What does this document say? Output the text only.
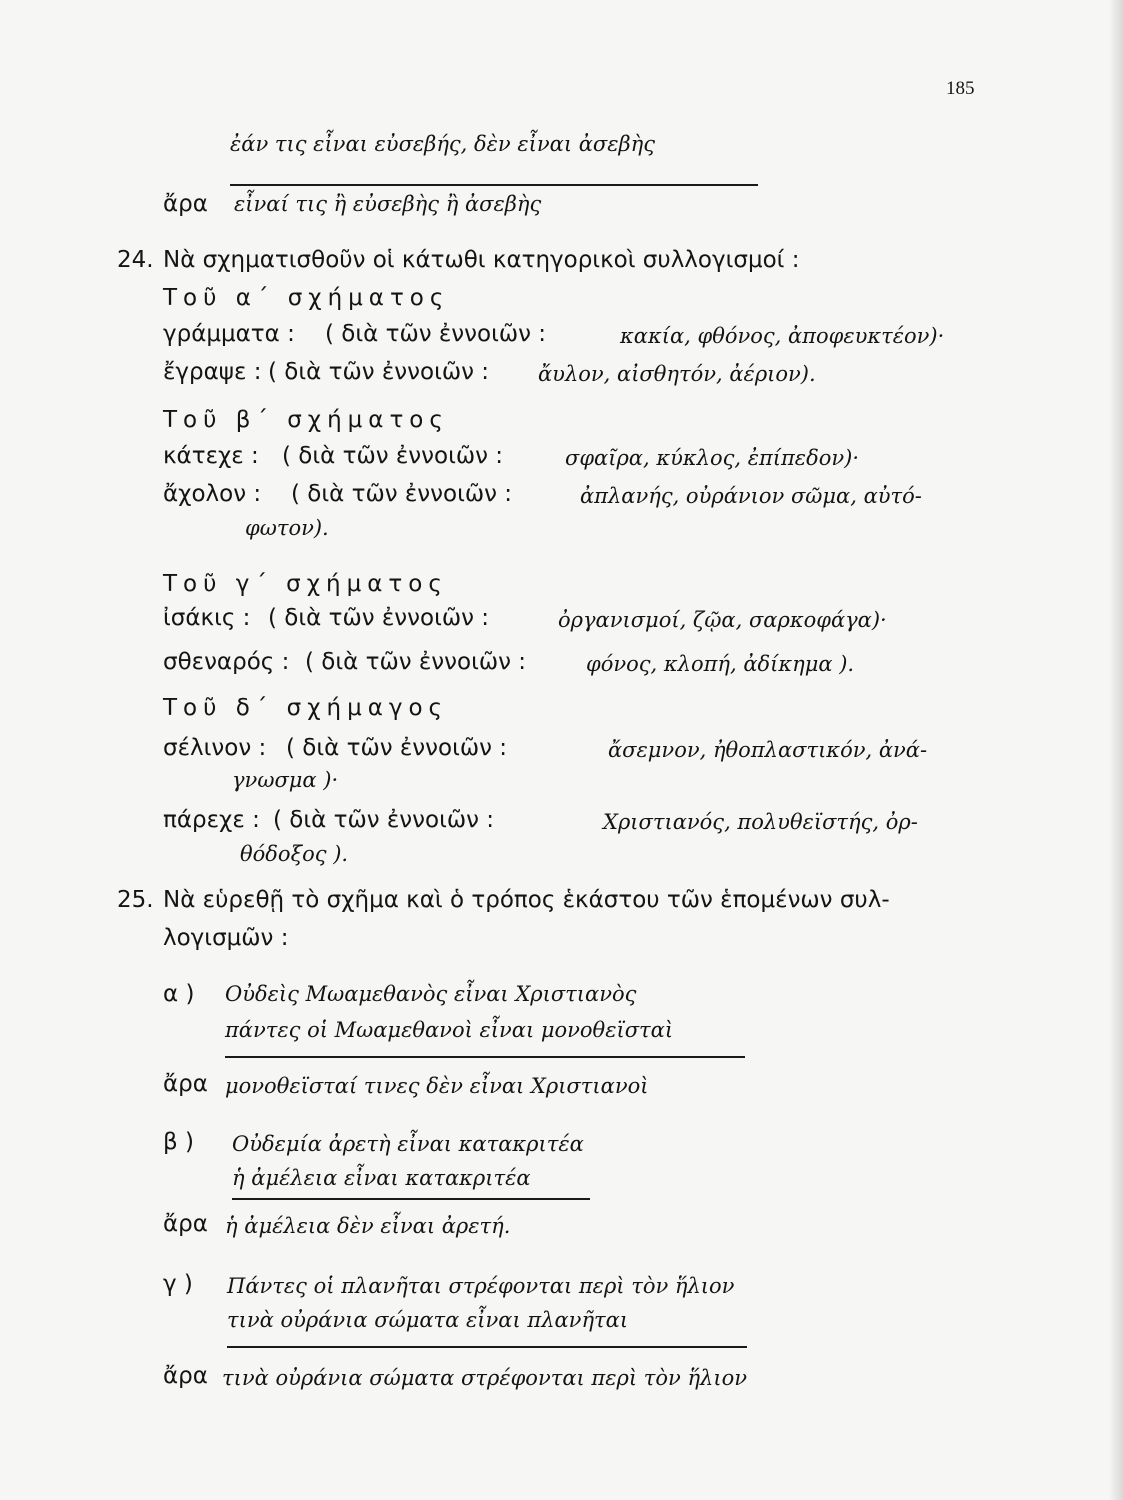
185
ἐάν τις εἶναι εὐσεβής, δὲν εἶναι ἀσεβὴς
ἄρα εἶναί τις ἢ εὐσεβὴς ἢ ἀσεβὴς
24. Νὰ σχηματισθοῦν οἱ κάτωθι κατηγορικοὶ συλλογισμοί :
Τοῦ α΄ σχήματος
γράμματα : ( διὰ τῶν ἐννοιῶν :	κακία, φθόνος, ἀποφευκτέον)·
ἔγραψε : ( διὰ τῶν ἐννοιῶν : ἄυλον, αἰσθητόν, ἀέριον).
Τοῦ β΄ σχήματος
κάτεχε : ( διὰ τῶν ἐννοιῶν :	σφαῖρα, κύκλος, ἐπίπεδον)·
ἄχολον : ( διὰ τῶν ἐννοιῶν :	ἀπλανής, οὐράνιον σῶμα, αὐτό-
φωτον).
Τοῦ γ΄ σχήματος
ἰσάκις : ( διὰ τῶν ἐννοιῶν :	ὀργανισμοί, ζῷα, σαρκοφάγα)·
σθεναρός : ( διὰ τῶν ἐννοιῶν :	φόνος, κλοπή, ἀδίκημα ).
Τοῦ δ΄ σχήμαγος
σέλινον : ( διὰ τῶν ἐννοιῶν :	ἄσεμνον, ἠθοπλαστικόν, ἀνά-
γνωσμα )·
πάρεχε : ( διὰ τῶν ἐννοιῶν :	Χριστιανός, πολυθεϊστής, ὀρ-
θόδοξος ).
25. Νὰ εὑρεθῇ τὸ σχῆμα καὶ ὁ τρόπος ἑκάστου τῶν ἑπομένων συλ-
λογισμῶν :
α ) Οὐδεὶς Μωαμεθανὸς εἶναι Χριστιανὸς
πάντες οἱ Μωαμεθανοὶ εἶναι μονοθεϊσταὶ
ἄρα μονοθεϊσταί τινες δὲν εἶναι Χριστιανοὶ
β ) Οὐδεμία ἀρετὴ εἶναι κατακριτέα
ἡ ἀμέλεια εἶναι κατακριτέα
ἄρα ἡ ἀμέλεια δὲν εἶναι ἀρετή.
γ ) Πάντες οἱ πλανῆται στρέφονται περὶ τὸν ἥλιον
τινὰ οὐράνια σώματα εἶναι πλανῆται
ἄρα τινὰ οὐράνια σώματα στρέφονται περὶ τὸν ἥλιον
